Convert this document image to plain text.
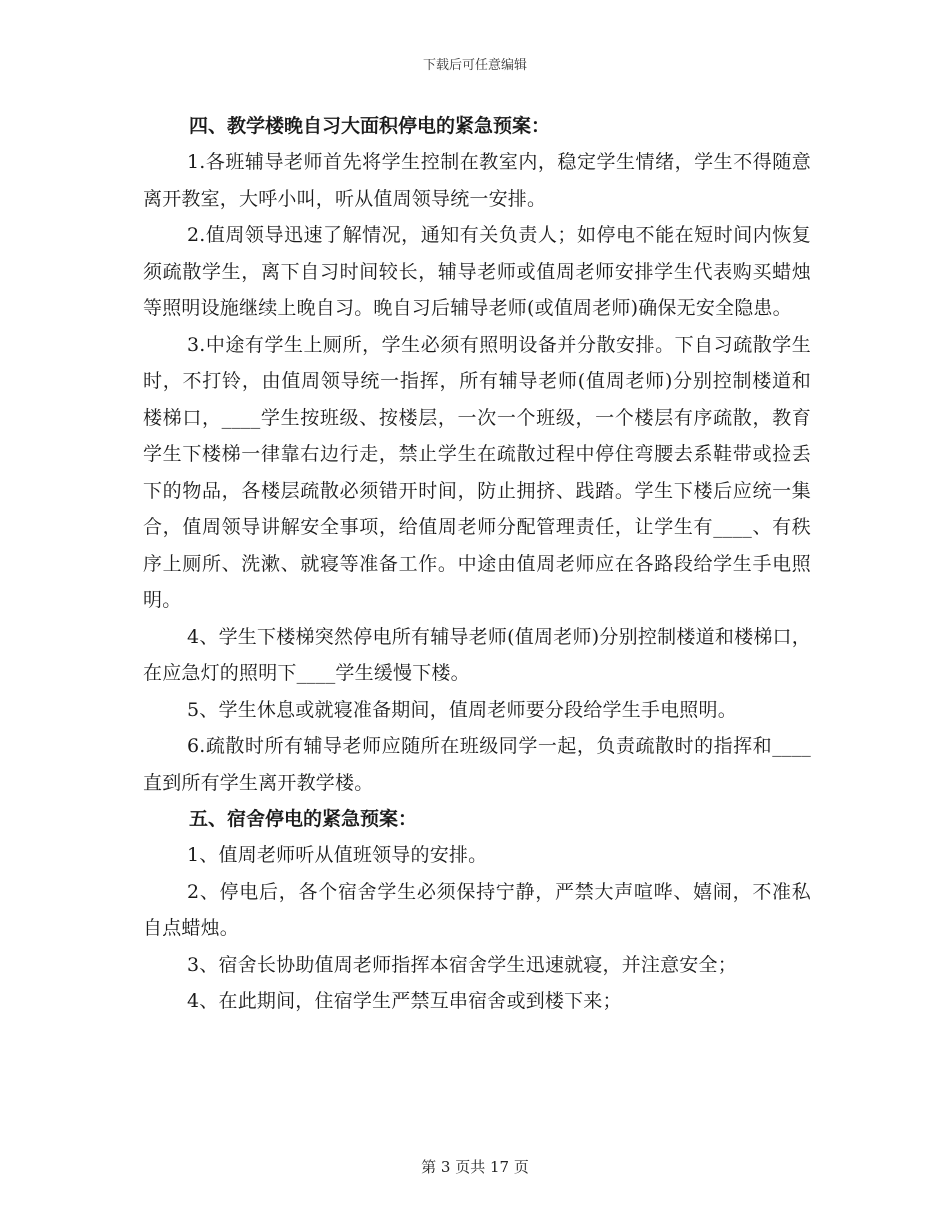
下载后可任意编辑

四、教学楼晚自习大面积停电的紧急预案：

1.各班辅导老师首先将学生控制在教室内，稳定学生情绪，学生不得随意离开教室，大呼小叫，听从值周领导统一安排。

2.值周领导迅速了解情况，通知有关负责人；如停电不能在短时间内恢复须疏散学生，离下自习时间较长，辅导老师或值周老师安排学生代表购买蜡烛等照明设施继续上晚自习。晚自习后辅导老师(或值周老师)确保无安全隐患。

3.中途有学生上厕所，学生必须有照明设备并分散安排。下自习疏散学生时，不打铃，由值周领导统一指挥，所有辅导老师(值周老师)分别控制楼道和楼梯口，____学生按班级、按楼层，一次一个班级，一个楼层有序疏散，教育学生下楼梯一律靠右边行走，禁止学生在疏散过程中停住弯腰去系鞋带或捡丢下的物品，各楼层疏散必须错开时间，防止拥挤、践踏。学生下楼后应统一集合，值周领导讲解安全事项，给值周老师分配管理责任，让学生有____、有秩序上厕所、洗漱、就寝等准备工作。中途由值周老师应在各路段给学生手电照明。

4、学生下楼梯突然停电所有辅导老师(值周老师)分别控制楼道和楼梯口，在应急灯的照明下____学生缓慢下楼。

5、学生休息或就寝准备期间，值周老师要分段给学生手电照明。

6.疏散时所有辅导老师应随所在班级同学一起，负责疏散时的指挥和____直到所有学生离开教学楼。

五、宿舍停电的紧急预案：

1、值周老师听从值班领导的安排。

2、停电后，各个宿舍学生必须保持宁静，严禁大声喧哗、嬉闹，不准私自点蜡烛。

3、宿舍长协助值周老师指挥本宿舍学生迅速就寝，并注意安全；

4、在此期间，住宿学生严禁互串宿舍或到楼下来；

第 3 页共 17 页
